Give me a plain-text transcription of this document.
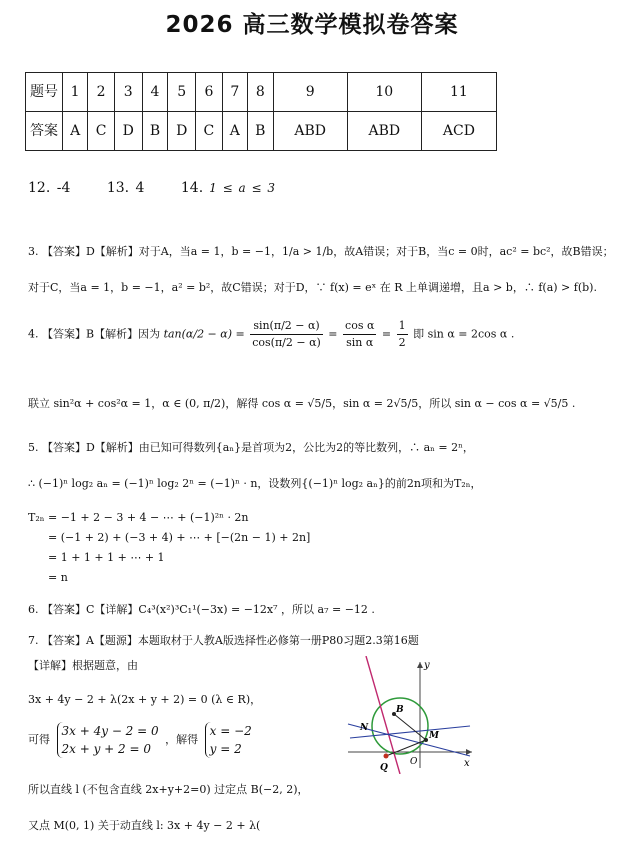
2026 高三数学模拟卷答案
题号	1	2	3	4	5	6	7	8	9	10	11
答案	A	C	D	B	D	C	A	B	ABD	ABD	ACD
12. -4	13. 4	14. 1 ≤ a ≤ 3
3. 【答案】D【解析】对于A，当a = 1，b = −1，1/a > 1/b，故A错误；对于B，当c = 0时，ac² = bc²，故B错误；
对于C，当a = 1，b = −1，a² = b²，故C错误；对于D，∵ f(x) = eˣ 在 R 上单调递增，且a > b，∴ f(a) > f(b).
4. 【答案】B【解析】因为 $\tan(\alpha/2 - \alpha) = \frac{\sin(\pi/2 - \alpha)}{\cos(\pi/2 - \alpha)} = \frac{\text{cos α}}{\text{sin α}} = \frac{1}{2}$ 即 sin α = 2cos α .
联立 sin²α + cos²α = 1，α ∈ (0, π/2)，解得 cos α = √5/5，sin α = 2√5/5，所以 sin α − cos α = √5/5 .
5. 【答案】D【解析】由已知可得数列{aₙ}是首项为2，公比为2的等比数列，∴ aₙ = 2ⁿ，
∴ (−1)ⁿ log₂ aₙ = (−1)ⁿ log₂ 2ⁿ = (−1)ⁿ · n，设数列{(−1)ⁿ log₂ aₙ}的前2n项和为T₂ₙ，
T₂ₙ = −1 + 2 − 3 + 4 − ⋯ + (−1)²ⁿ · 2n
= (−1 + 2) + (−3 + 4) + ⋯ + [−(2n − 1) + 2n]
= 1 + 1 + 1 + ⋯ + 1
= n
6. 【答案】C【详解】C₄³(x²)³C₁¹(−3x) = −12x⁷ ，所以 a₇ = −12 .
7. 【答案】A【题源】本题取材于人教A版选择性必修第一册P80习题2.3第16题
【详解】根据题意，由
3x + 4y − 2 + λ(2x + y + 2) = 0 (λ ∈ R)，
可得
3x + 4y − 2 = 0
2x + y + 2 = 0
，解得
x = −2
y = 2
所以直线 l (不包含直线 2x+y+2=0) 过定点 B(−2, 2)，
又点 M(0, 1) 关于动直线 l: 3x + 4y − 2 + λ(
y
N
B
M
Q
O	x
